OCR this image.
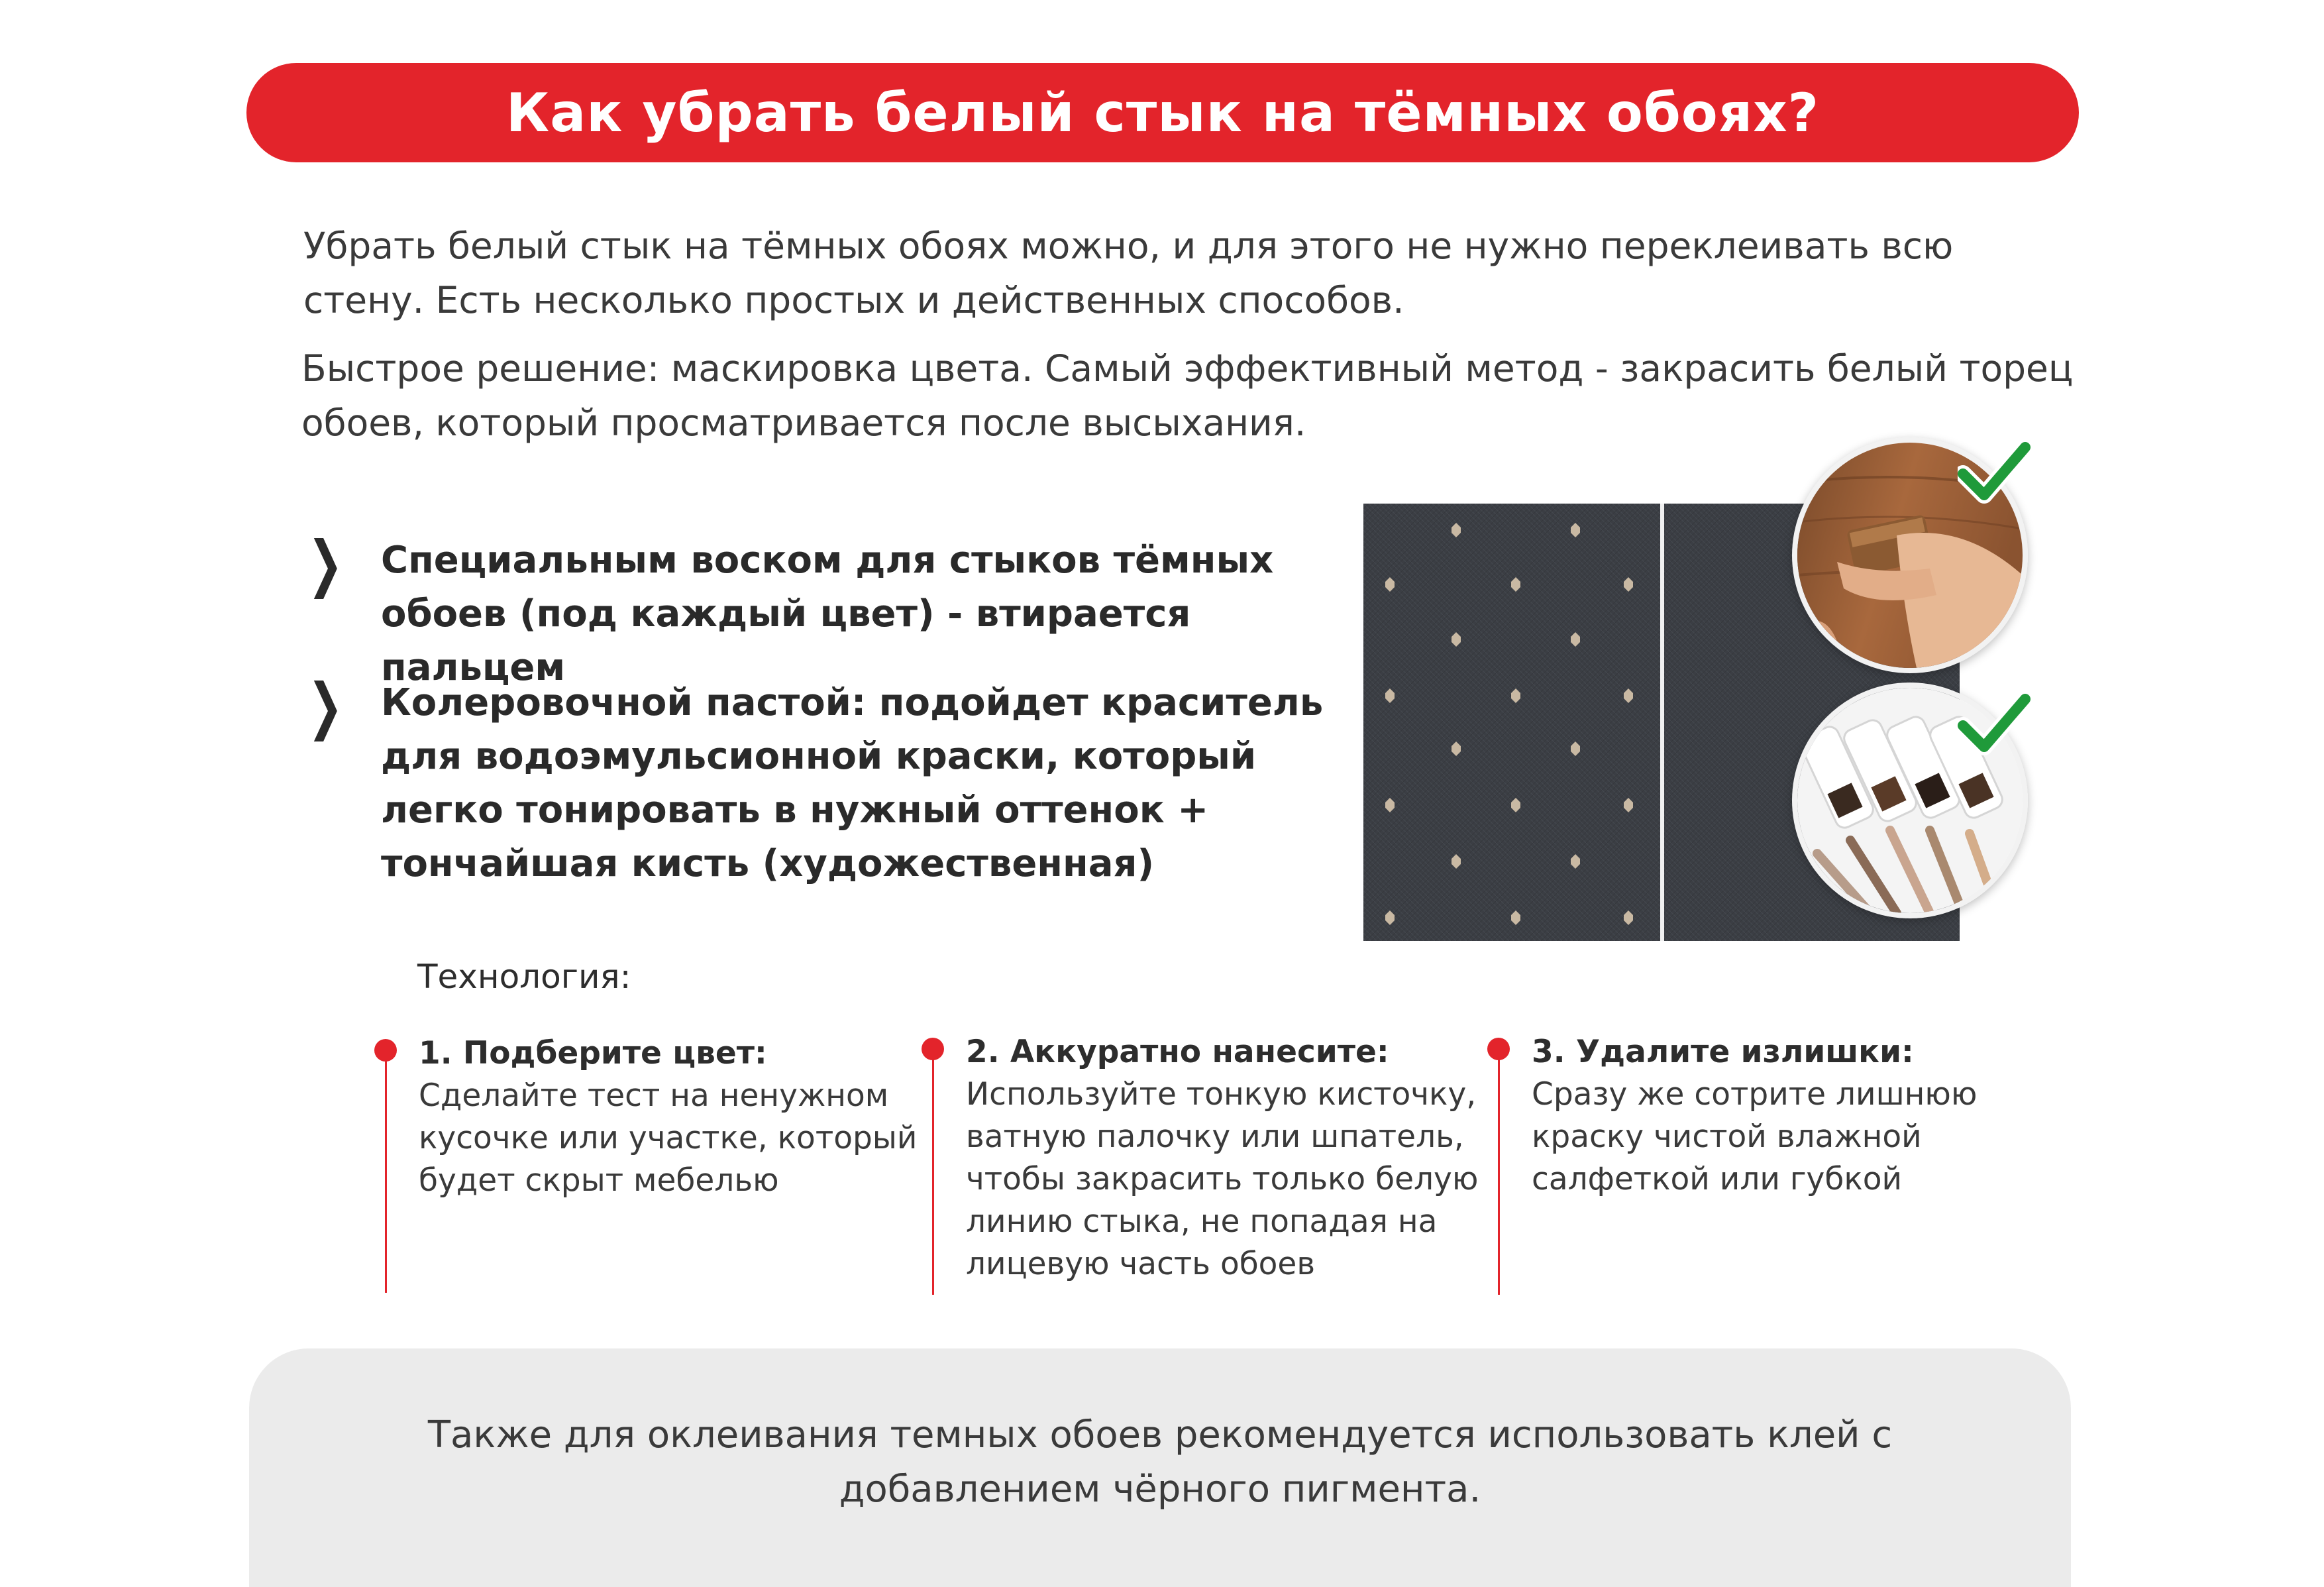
Как убрать белый стык на тёмных обоях?

Убрать белый стык на тёмных обоях можно, и для этого не нужно переклеивать всю стену. Есть несколько простых и действенных способов.

Быстрое решение: маскировка цвета. Самый эффективный метод - закрасить белый торец обоев, который просматривается после высыхания.

❯ Специальным воском для стыков тёмных обоев (под каждый цвет) - втирается пальцем
❯ Колеровочной пастой: подойдет краситель для водоэмульсионной краски, который легко тонировать в нужный оттенок + тончайшая кисть (художественная)

Технология:

1. Подберите цвет:

Сделайте тест на ненужном кусочке или участке, который будет скрыт мебелью

2. Аккуратно нанесите:

Используйте тонкую кисточку, ватную палочку или шпатель, чтобы закрасить только белую линию стыка, не попадая на лицевую часть обоев

3. Удалите излишки:

Сразу же сотрите лишнюю краску чистой влажной салфеткой или губкой

Также для оклеивания темных обоев рекомендуется использовать клей с добавлением чёрного пигмента.
